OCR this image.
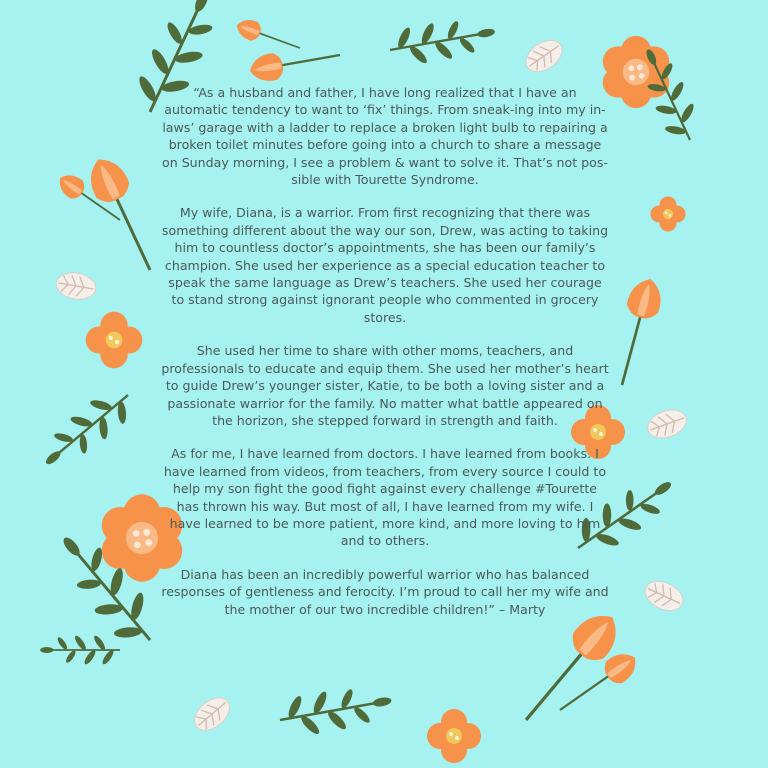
“As a husband and father, I have long realized that I have an automatic tendency to want to ‘fix’ things. From sneak-ing into my in-laws’ garage with a ladder to replace a broken light bulb to repairing a broken toilet minutes before going into a church to share a message on Sunday morning, I see a problem & want to solve it. That’s not pos-sible with Tourette Syndrome.

My wife, Diana, is a warrior. From first recognizing that there was something different about the way our son, Drew, was acting to taking him to countless doctor’s appointments, she has been our family’s champion. She used her experience as a special education teacher to speak the same language as Drew’s teachers. She used her courage to stand strong against ignorant people who commented in grocery stores.

She used her time to share with other moms, teachers, and professionals to educate and equip them. She used her mother’s heart to guide Drew’s younger sister, Katie, to be both a loving sister and a passionate warrior for the family. No matter what battle appeared on the horizon, she stepped forward in strength and faith.

As for me, I have learned from doctors. I have learned from books. I have learned from videos, from teachers, from every source I could to help my son fight the good fight against every challenge #Tourette has thrown his way. But most of all, I have learned from my wife. I have learned to be more patient, more kind, and more loving to him and to others.

Diana has been an incredibly powerful warrior who has balanced responses of gentleness and ferocity. I’m proud to call her my wife and the mother of our two incredible children!” – Marty
